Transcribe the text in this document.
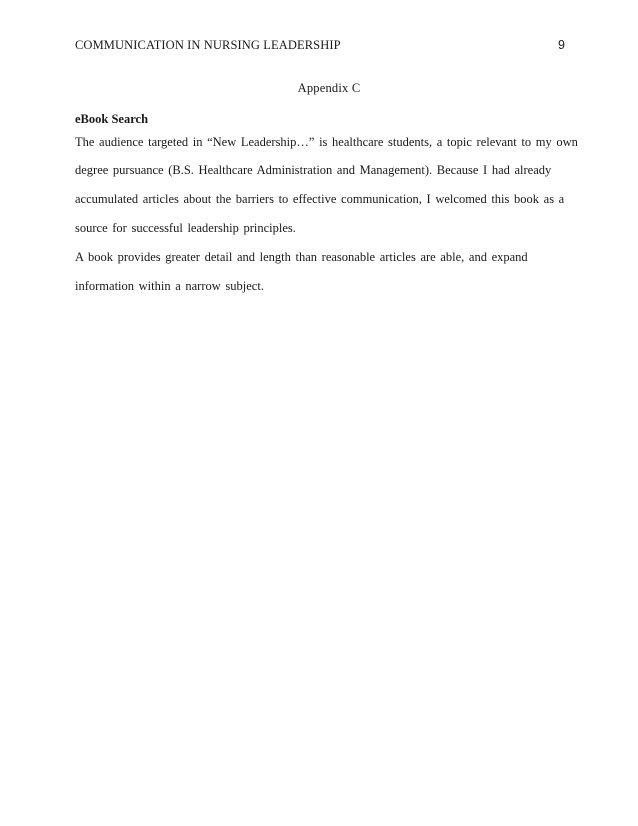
COMMUNICATION IN NURSING LEADERSHIP	9
Appendix C
eBook Search
The audience targeted in “New Leadership…” is healthcare students, a topic relevant to my own
degree pursuance (B.S. Healthcare Administration and Management). Because I had already
accumulated articles about the barriers to effective communication, I welcomed this book as a
source for successful leadership principles.
A book provides greater detail and length than reasonable articles are able, and expand
information within a narrow subject.
